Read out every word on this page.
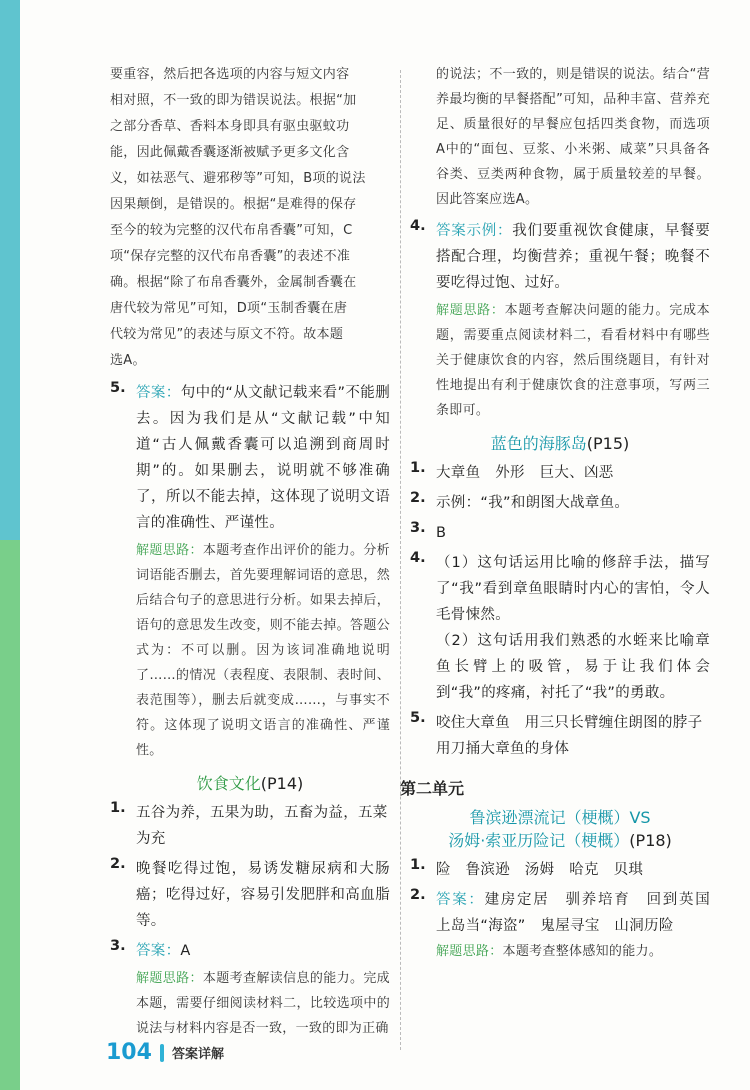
要重容，然后把各选项的内容与短文内容

相对照，不一致的即为错误说法。根据“加

之部分香草、香料本身即具有驱虫驱蚊功

能，因此佩戴香囊逐渐被赋予更多文化含

义，如祛恶气、避邪秽等”可知，B项的说法

因果颠倒，是错误的。根据“是难得的保存

至今的较为完整的汉代布帛香囊”可知，C

项“保存完整的汉代布帛香囊”的表述不准

确。根据“除了布帛香囊外，金属制香囊在

唐代较为常见”可知，D项“玉制香囊在唐

代较为常见”的表述与原文不符。故本题

选A。

5. 答案：句中的“从文献记载来看”不能删去。因为我们是从“文献记载”中知道“古人佩戴香囊可以追溯到商周时期”的。如果删去，说明就不够准确了，所以不能去掉，这体现了说明文语言的准确性、严谨性。

解题思路：本题考查作出评价的能力。分析词语能否删去，首先要理解词语的意思，然后结合句子的意思进行分析。如果去掉后，语句的意思发生改变，则不能去掉。答题公式为：不可以删。因为该词准确地说明了……的情况（表程度、表限制、表时间、表范围等），删去后就变成……，与事实不符。这体现了说明文语言的准确性、严谨性。

饮食文化(P14)
1. 五谷为养，五果为助，五畜为益，五菜为充

2. 晚餐吃得过饱，易诱发糖尿病和大肠癌；吃得过好，容易引发肥胖和高血脂等。

3. 答案：A

解题思路：本题考查解读信息的能力。完成本题，需要仔细阅读材料二，比较选项中的说法与材料内容是否一致，一致的即为正确

的说法；不一致的，则是错误的说法。结合“营养最均衡的早餐搭配”可知，品种丰富、营养充足、质量很好的早餐应包括四类食物，而选项A中的“面包、豆浆、小米粥、咸菜”只具备各谷类、豆类两种食物，属于质量较差的早餐。因此答案应选A。

4. 答案示例：我们要重视饮食健康，早餐要搭配合理，均衡营养；重视午餐；晚餐不要吃得过饱、过好。

解题思路：本题考查解决问题的能力。完成本题，需要重点阅读材料二，看看材料中有哪些关于健康饮食的内容，然后围绕题目，有针对性地提出有利于健康饮食的注意事项，写两三条即可。

蓝色的海豚岛(P15)
1. 大章鱼　外形　巨大、凶恶

2. 示例：“我”和朗图大战章鱼。

3. B

4. （1）这句话运用比喻的修辞手法，描写了“我”看到章鱼眼睛时内心的害怕，令人毛骨悚然。

（2）这句话用我们熟悉的水蛭来比喻章鱼长臂上的吸管，易于让我们体会到“我”的疼痛，衬托了“我”的勇敢。

5. 咬住大章鱼　用三只长臂缠住朗图的脖子

用刀捅大章鱼的身体

第二单元
鲁滨逊漂流记（梗概）VS
汤姆·索亚历险记（梗概）(P18)
1. 险　鲁滨逊　汤姆　哈克　贝琪

2. 答案：建房定居　驯养培育　回到英国　上岛当“海盗”　鬼屋寻宝　山洞历险

解题思路：本题考查整体感知的能力。

104 答案详解
